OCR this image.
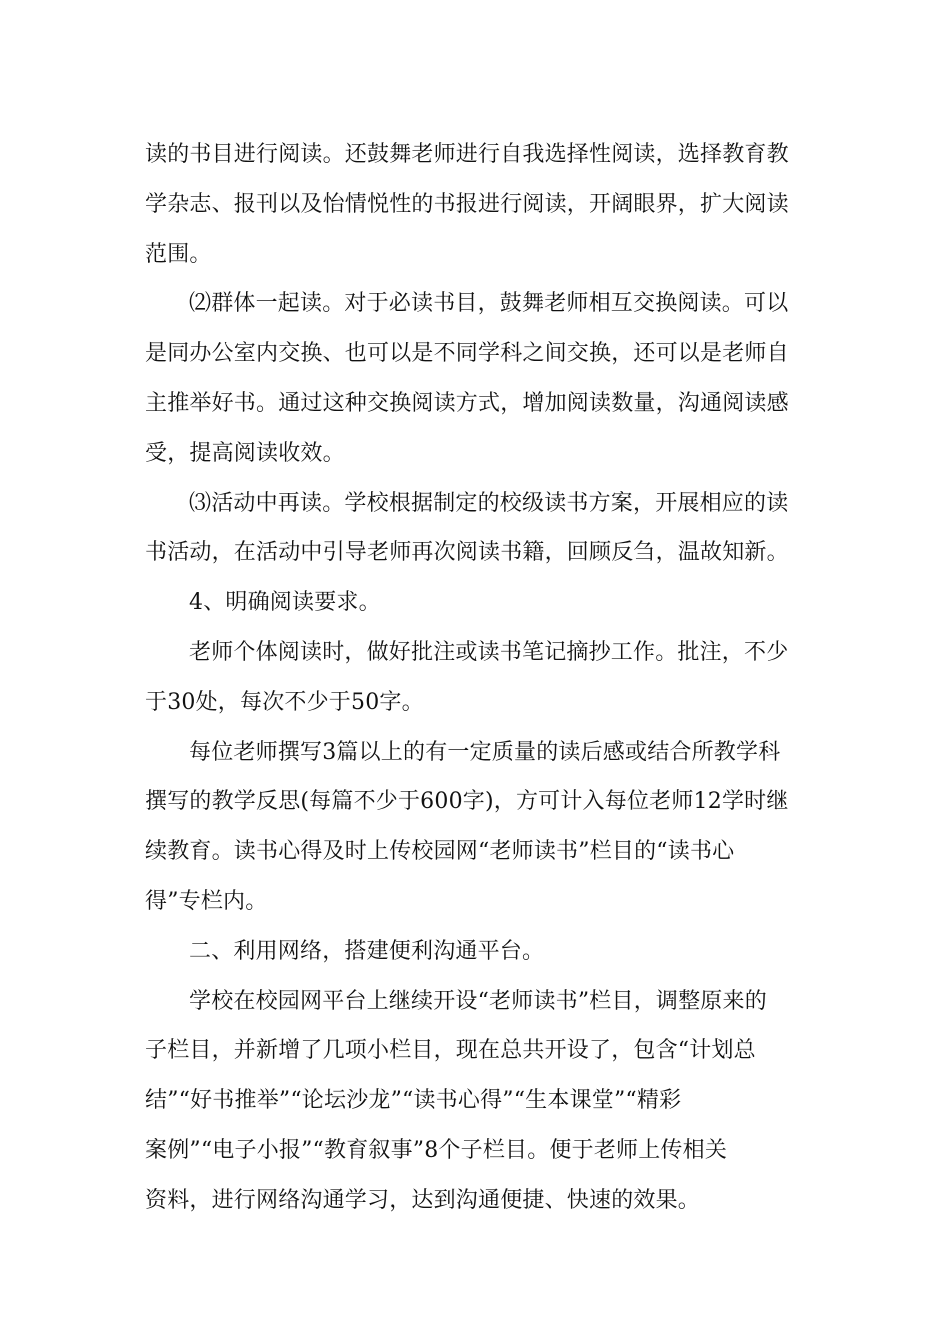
读的书目进行阅读。还鼓舞老师进行自我选择性阅读，选择教育教
学杂志、报刊以及怡情悦性的书报进行阅读，开阔眼界，扩大阅读
范围。
⑵群体一起读。对于必读书目，鼓舞老师相互交换阅读。可以
是同办公室内交换、也可以是不同学科之间交换，还可以是老师自
主推举好书。通过这种交换阅读方式，增加阅读数量，沟通阅读感
受，提高阅读收效。
⑶活动中再读。学校根据制定的校级读书方案，开展相应的读
书活动，在活动中引导老师再次阅读书籍，回顾反刍，温故知新。
4、明确阅读要求。
老师个体阅读时，做好批注或读书笔记摘抄工作。批注，不少
于30处，每次不少于50字。
每位老师撰写3篇以上的有一定质量的读后感或结合所教学科
撰写的教学反思(每篇不少于600字)，方可计入每位老师12学时继
续教育。读书心得及时上传校园网“老师读书”栏目的“读书心
得”专栏内。
二、利用网络，搭建便利沟通平台。
学校在校园网平台上继续开设“老师读书”栏目，调整原来的
子栏目，并新增了几项小栏目，现在总共开设了，包含“计划总
结”“好书推举”“论坛沙龙”“读书心得”“生本课堂”“精彩
案例”“电子小报”“教育叙事”8个子栏目。便于老师上传相关
资料，进行网络沟通学习，达到沟通便捷、快速的效果。
